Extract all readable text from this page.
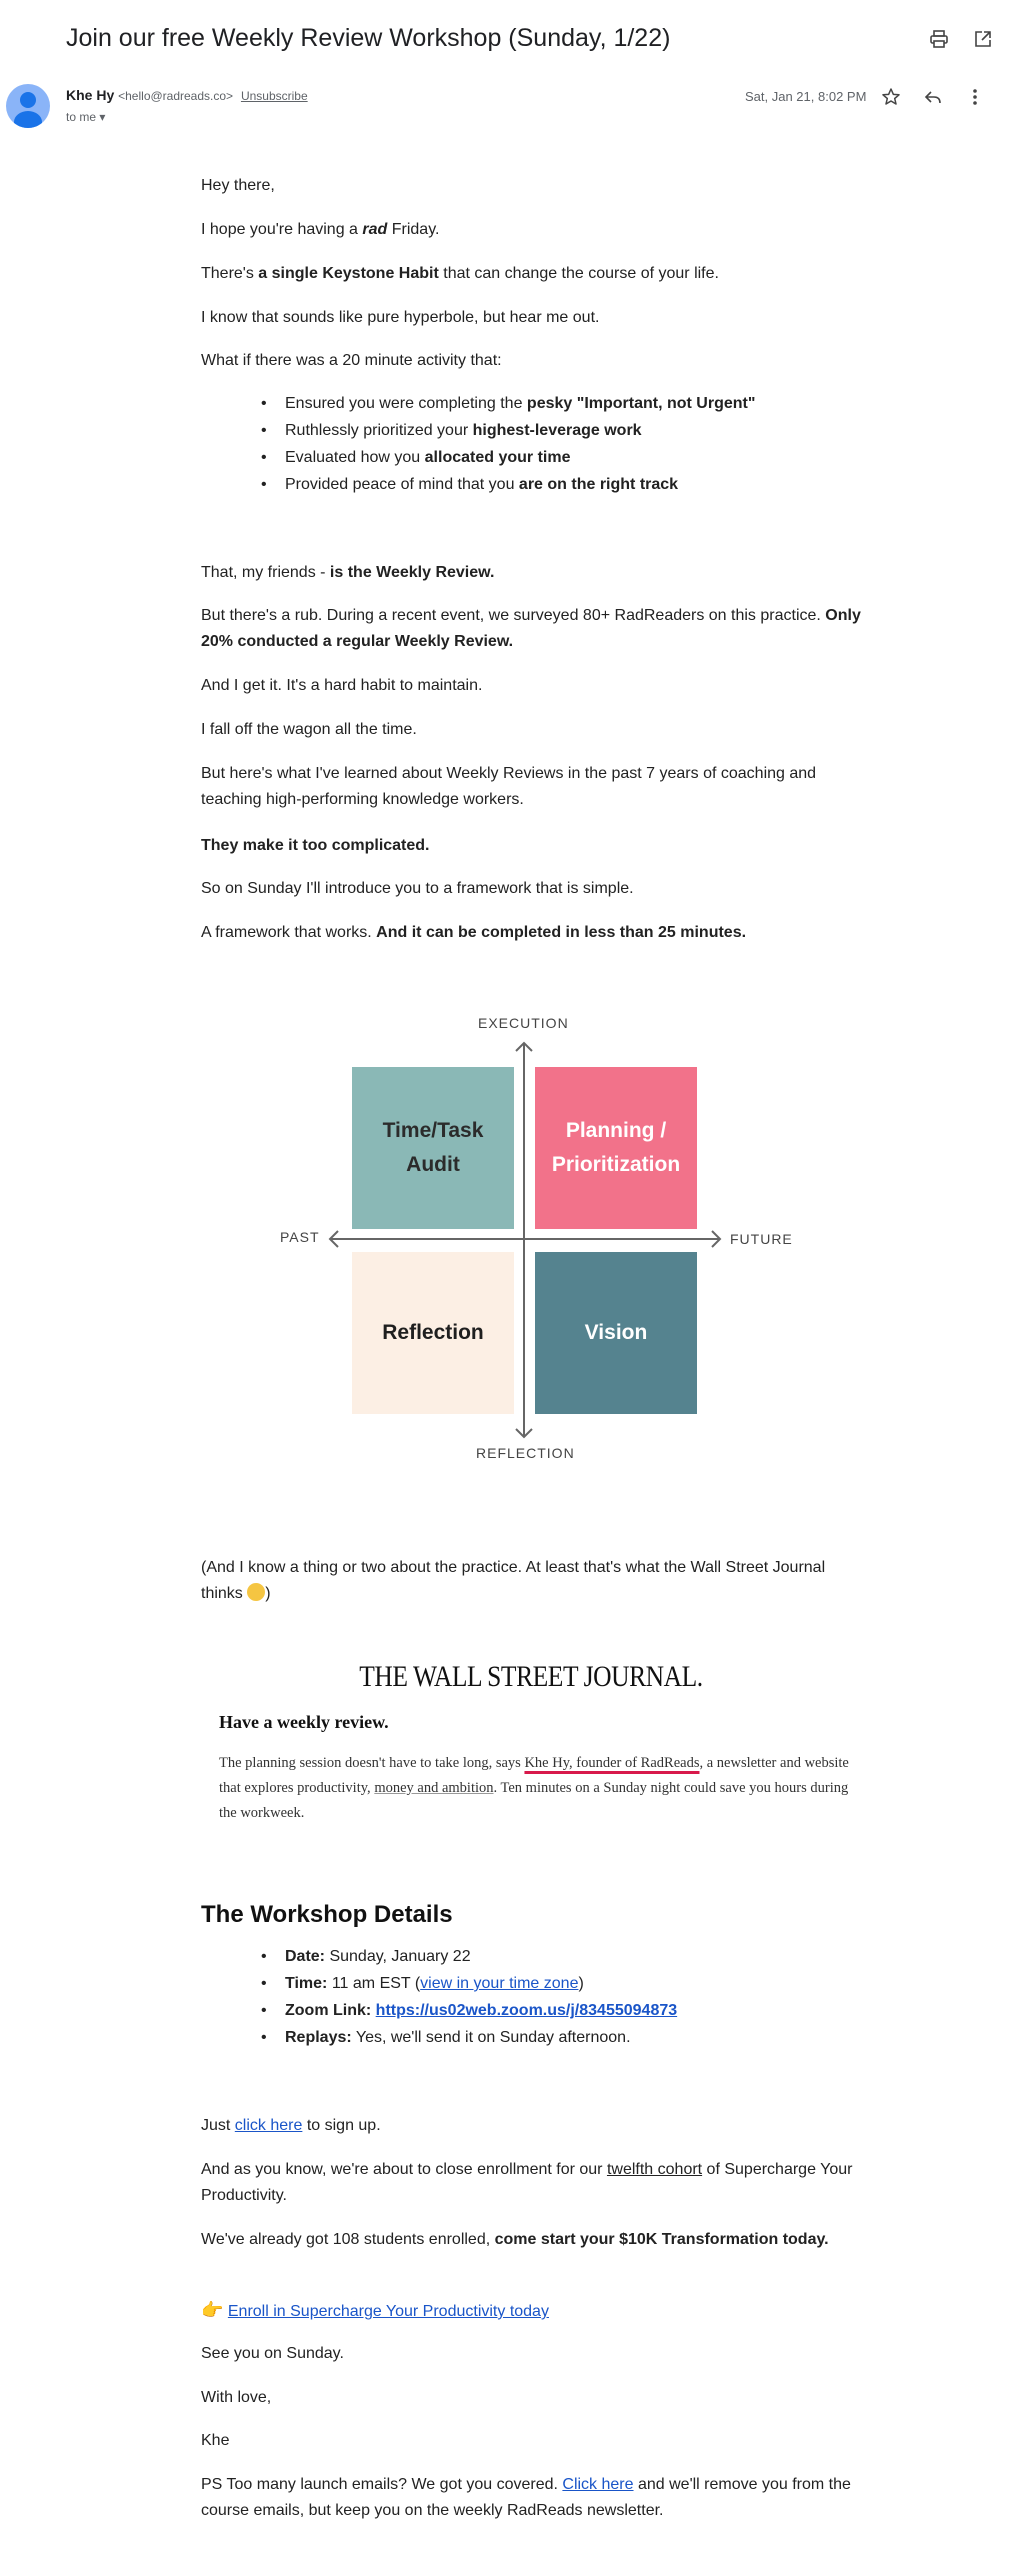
Join our free Weekly Review Workshop (Sunday, 1/22)
Khe Hy <hello@radreads.co> Unsubscribe
to me ▾
Sat, Jan 21, 8:02 PM
Hey there,
I hope you're having a rad Friday.
There's a single Keystone Habit that can change the course of your life.
I know that sounds like pure hyperbole, but hear me out.
What if there was a 20 minute activity that:
• Ensured you were completing the pesky "Important, not Urgent"
• Ruthlessly prioritized your highest-leverage work
• Evaluated how you allocated your time
• Provided peace of mind that you are on the right track
That, my friends - is the Weekly Review.
But there's a rub. During a recent event, we surveyed 80+ RadReaders on this practice. Only 20% conducted a regular Weekly Review.
And I get it. It's a hard habit to maintain.
I fall off the wagon all the time.
But here's what I've learned about Weekly Reviews in the past 7 years of coaching and teaching high-performing knowledge workers.
They make it too complicated.
So on Sunday I'll introduce you to a framework that is simple.
A framework that works. And it can be completed in less than 25 minutes.
(And I know a thing or two about the practice. At least that's what the Wall Street Journal thinks )
EXECUTION
REFLECTION
PAST	FUTURE
Time/Task Audit
Planning / Prioritization
Reflection	Vision
THE WALL STREET JOURNAL.
Have a weekly review.
The planning session doesn't have to take long, says Khe Hy, founder of RadReads, a newsletter and website that explores productivity, money and ambition. Ten minutes on a Sunday night could save you hours during the workweek.
The Workshop Details
• Date: Sunday, January 22
• Time: 11 am EST (view in your time zone)
• Zoom Link: https://us02web.zoom.us/j/83455094873
• Replays: Yes, we'll send it on Sunday afternoon.
Just click here to sign up.
And as you know, we're about to close enrollment for our twelfth cohort of Supercharge Your Productivity.
We've already got 108 students enrolled, come start your $10K Transformation today.
👉 Enroll in Supercharge Your Productivity today
See you on Sunday.
With love,
Khe
PS Too many launch emails? We got you covered. Click here and we'll remove you from the course emails, but keep you on the weekly RadReads newsletter.
